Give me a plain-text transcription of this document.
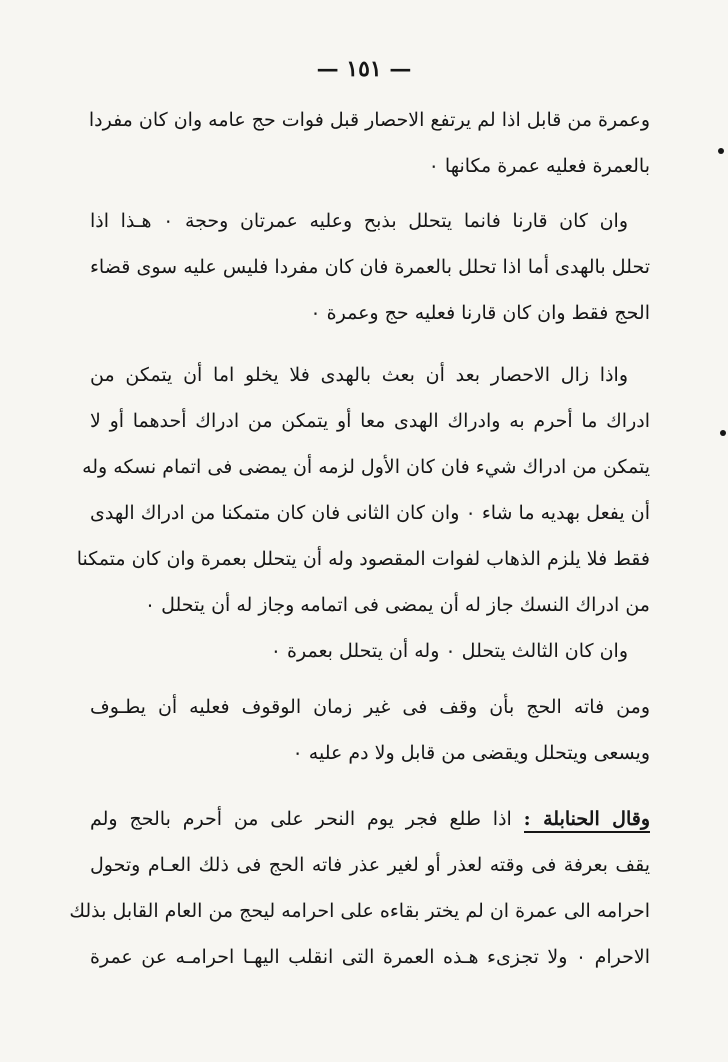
— ١٥١ —
وعمرة من قابل اذا لم يرتفع الاحصار قبل فوات حج عامه وان كان مفردا
بالعمرة فعليه عمرة مكانها ٠
وان كان قارنا فانما يتحلل بذبح وعليه عمرتان وحجة ٠ هـذا اذا
تحلل بالهدى أما اذا تحلل بالعمرة فان كان مفردا فليس عليه سوى قضاء
الحج فقط وان كان قارنا فعليه حج وعمرة ٠
واذا زال الاحصار بعد أن بعث بالهدى فلا يخلو اما أن يتمكن من
ادراك ما أحرم به وادراك الهدى معا أو يتمكن من ادراك أحدهما أو لا
يتمكن من ادراك شيء فان كان الأول لزمه أن يمضى فى اتمام نسكه وله
أن يفعل بهديه ما شاء ٠ وان كان الثانى فان كان متمكنا من ادراك الهدى
فقط فلا يلزم الذهاب لفوات المقصود وله أن يتحلل بعمرة وان كان متمكنا
من ادراك النسك جاز له أن يمضى فى اتمامه وجاز له أن يتحلل ٠
وان كان الثالث يتحلل ٠ وله أن يتحلل بعمرة ٠
ومن فاته الحج بأن وقف فى غير زمان الوقوف فعليه أن يطـوف
ويسعى ويتحلل ويقضى من قابل ولا دم عليه ٠
وقال الحنابلة : اذا طلع فجر يوم النحر على من أحرم بالحج ولم
يقف بعرفة فى وقته لعذر أو لغير عذر فاته الحج فى ذلك العـام وتحول
احرامه الى عمرة ان لم يختر بقاءه على احرامه ليحج من العام القابل بذلك
الاحرام ٠ ولا تجزىء هـذه العمرة التى انقلب اليهـا احرامـه عن عمرة
